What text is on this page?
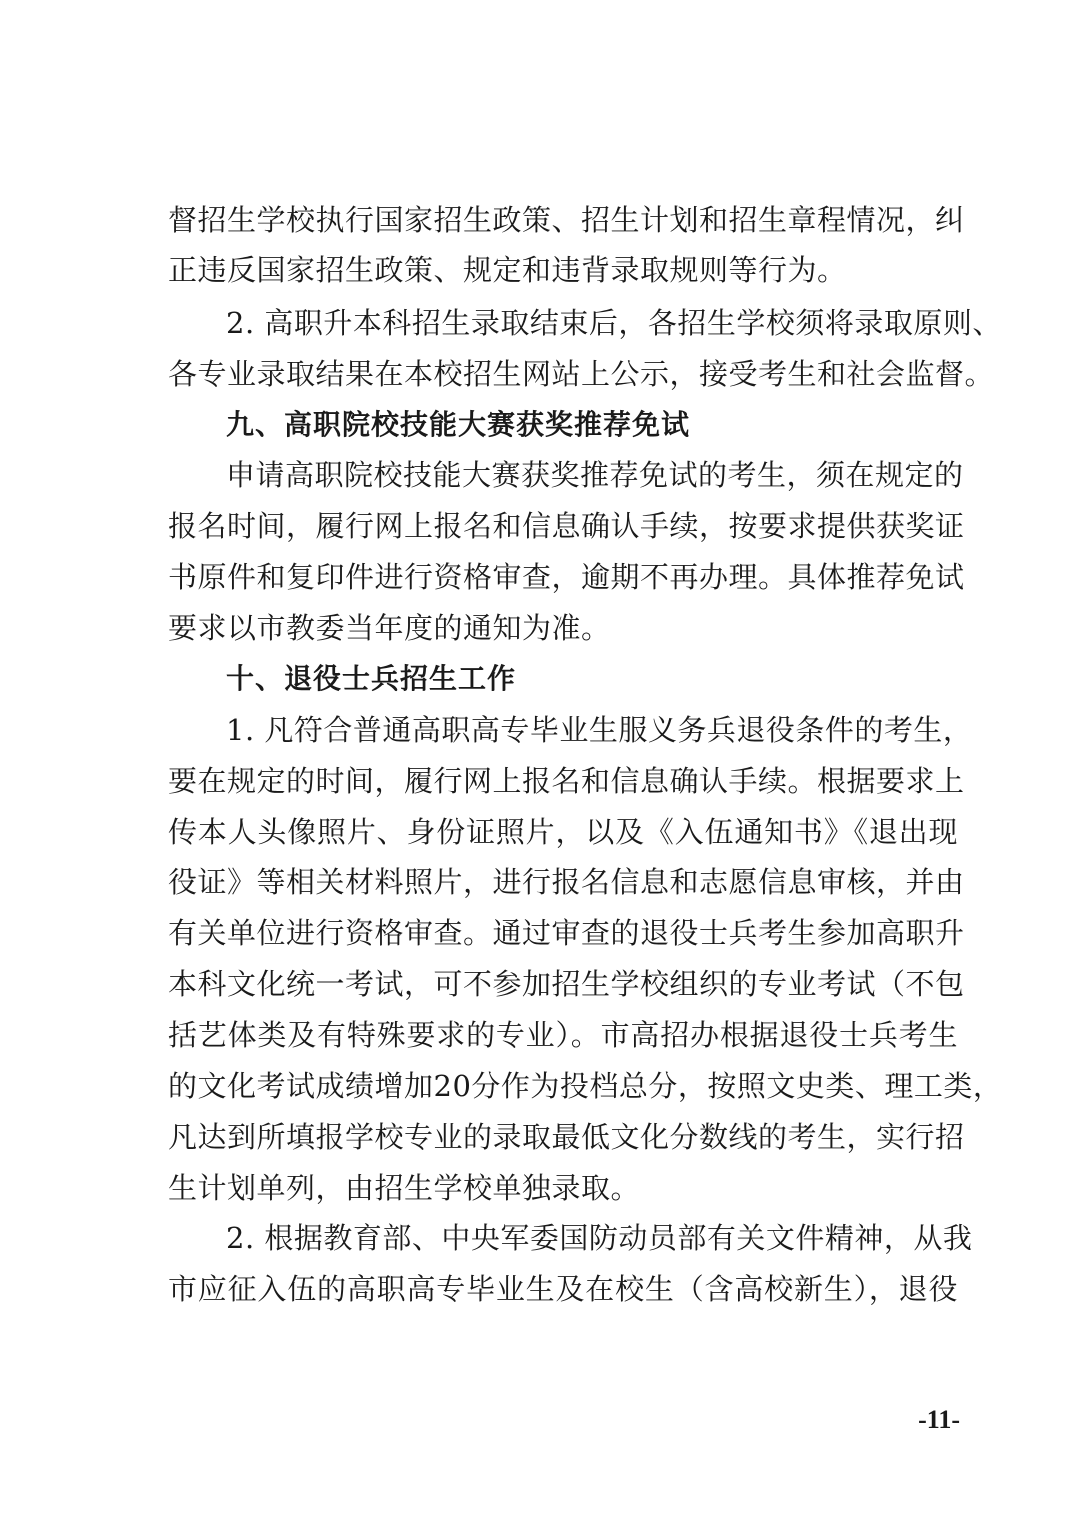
督招生学校执行国家招生政策、招生计划和招生章程情况，纠
正违反国家招生政策、规定和违背录取规则等行为。
2. 高职升本科招生录取结束后，各招生学校须将录取原则、
各专业录取结果在本校招生网站上公示，接受考生和社会监督。
九、高职院校技能大赛获奖推荐免试
申请高职院校技能大赛获奖推荐免试的考生，须在规定的
报名时间，履行网上报名和信息确认手续，按要求提供获奖证
书原件和复印件进行资格审查，逾期不再办理。具体推荐免试
要求以市教委当年度的通知为准。
十、退役士兵招生工作
1. 凡符合普通高职高专毕业生服义务兵退役条件的考生，
要在规定的时间，履行网上报名和信息确认手续。根据要求上
传本人头像照片、身份证照片，以及《入伍通知书》《退出现
役证》等相关材料照片，进行报名信息和志愿信息审核，并由
有关单位进行资格审查。通过审查的退役士兵考生参加高职升
本科文化统一考试，可不参加招生学校组织的专业考试（不包
括艺体类及有特殊要求的专业）。市高招办根据退役士兵考生
的文化考试成绩增加20分作为投档总分，按照文史类、理工类，
凡达到所填报学校专业的录取最低文化分数线的考生，实行招
生计划单列，由招生学校单独录取。
2. 根据教育部、中央军委国防动员部有关文件精神，从我
市应征入伍的高职高专毕业生及在校生（含高校新生），退役
-11-
